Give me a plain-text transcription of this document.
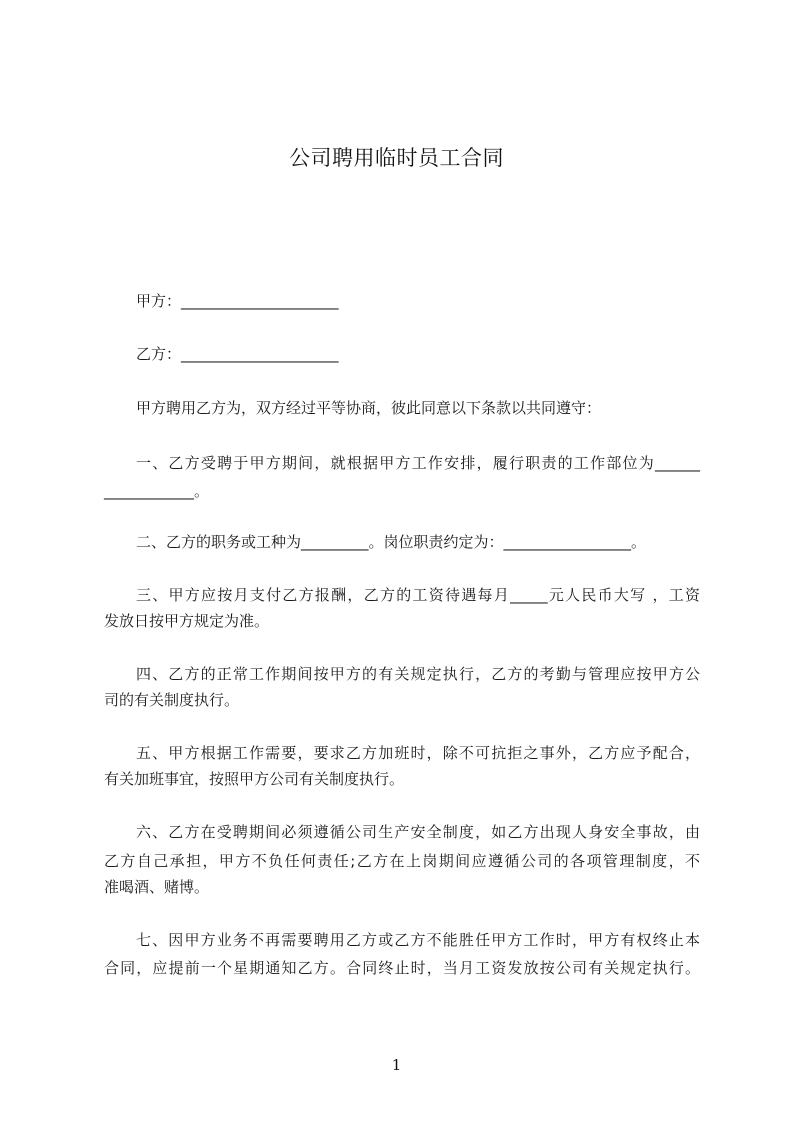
公司聘用临时员工合同
甲方：_____________________
乙方：_____________________
甲方聘用乙方为，双方经过平等协商，彼此同意以下条款以共同遵守：
一、乙方受聘于甲方期间，就根据甲方工作安排，履行职责的工作部位为______
____________。
二、乙方的职务或工种为_________。岗位职责约定为：_________________。
三、甲方应按月支付乙方报酬，乙方的工资待遇每月_____元人民币大写 ，工资
发放日按甲方规定为准。
四、乙方的正常工作期间按甲方的有关规定执行，乙方的考勤与管理应按甲方公
司的有关制度执行。
五、甲方根据工作需要，要求乙方加班时，除不可抗拒之事外，乙方应予配合，
有关加班事宜，按照甲方公司有关制度执行。
六、乙方在受聘期间必须遵循公司生产安全制度，如乙方出现人身安全事故，由
乙方自己承担，甲方不负任何责任;乙方在上岗期间应遵循公司的各项管理制度，不
准喝酒、赌博。
七、因甲方业务不再需要聘用乙方或乙方不能胜任甲方工作时，甲方有权终止本
合同，应提前一个星期通知乙方。合同终止时，当月工资发放按公司有关规定执行。
1
